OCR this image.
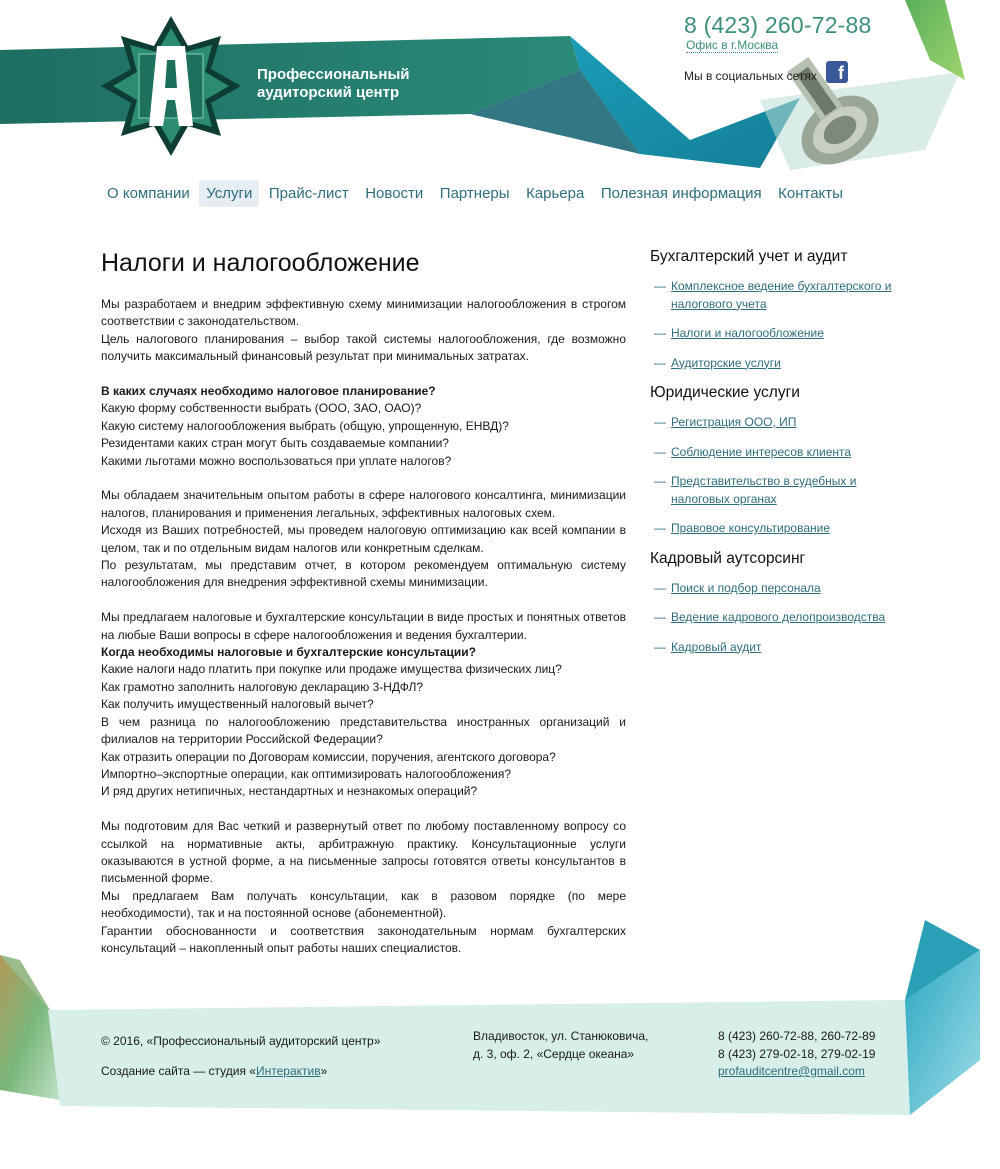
Профессиональный
аудиторский центр
8 (423) 260-72-88
Офис в г.Москва
Мы в социальных сетях	f
О компании	Услуги	Прайс-лист	Новости	Партнеры	Карьера	Полезная информация	Контакты
Налоги и налогообложение

Мы разработаем и внедрим эффективную схему минимизации налогообложения в строгом соответствии с законодательством.
Цель налогового планирования – выбор такой системы налогообложения, где возможно получить максимальный финансовый результат при минимальных затратах.

В каких случаях необходимо налоговое планирование?
Какую форму собственности выбрать (ООО, ЗАО, ОАО)?
Какую систему налогообложения выбрать (общую, упрощенную, ЕНВД)?
Резидентами каких стран могут быть создаваемые компании?
Какими льготами можно воспользоваться при уплате налогов?

Мы обладаем значительным опытом работы в сфере налогового консалтинга, минимизации налогов, планирования и применения легальных, эффективных налоговых схем.
Исходя из Ваших потребностей, мы проведем налоговую оптимизацию как всей компании в целом, так и по отдельным видам налогов или конкретным сделкам.
По результатам, мы представим отчет, в котором рекомендуем оптимальную систему налогообложения для внедрения эффективной схемы минимизации.

Мы предлагаем налоговые и бухгалтерские консультации в виде простых и понятных ответов на любые Ваши вопросы в сфере налогообложения и ведения бухгалтерии.
Когда необходимы налоговые и бухгалтерские консультации?
Какие налоги надо платить при покупке или продаже имущества физических лиц?
Как грамотно заполнить налоговую декларацию 3-НДФЛ?
Как получить имущественный налоговый вычет?
В чем разница по налогообложению представительства иностранных организаций и филиалов на территории Российской Федерации?
Как отразить операции по Договорам комиссии, поручения, агентского договора?
Импортно–экспортные операции, как оптимизировать налогообложения?
И ряд других нетипичных, нестандартных и незнакомых операций?

Мы подготовим для Вас четкий и развернутый ответ по любому поставленному вопросу со ссылкой на нормативные акты, арбитражную практику. Консультационные услуги оказываются в устной форме, а на письменные запросы готовятся ответы консультантов в письменной форме.
Мы предлагаем Вам получать консультации, как в разовом порядке (по мере необходимости), так и на постоянной основе (абонементной).
Гарантии обоснованности и соответствия законодательным нормам бухгалтерских консультаций – накопленный опыт работы наших специалистов.

Бухгалтерский учет и аудит
— Комплексное ведение бухгалтерского и налогового учета
— Налоги и налогообложение
— Аудиторские услуги
Юридические услуги
— Регистрация ООО, ИП
— Соблюдение интересов клиента
— Представительство в судебных и налоговых органах
— Правовое консультирование
Кадровый аутсорсинг
— Поиск и подбор персонала
— Ведение кадрового делопроизводства
— Кадровый аудит
© 2016, «Профессиональный аудиторский центр»
Создание сайта — студия «Интерактив»
Владивосток, ул. Станюковича,
д. 3, оф. 2, «Сердце океана»
8 (423) 260-72-88, 260-72-89
8 (423) 279-02-18, 279-02-19
profauditcentre@gmail.com
